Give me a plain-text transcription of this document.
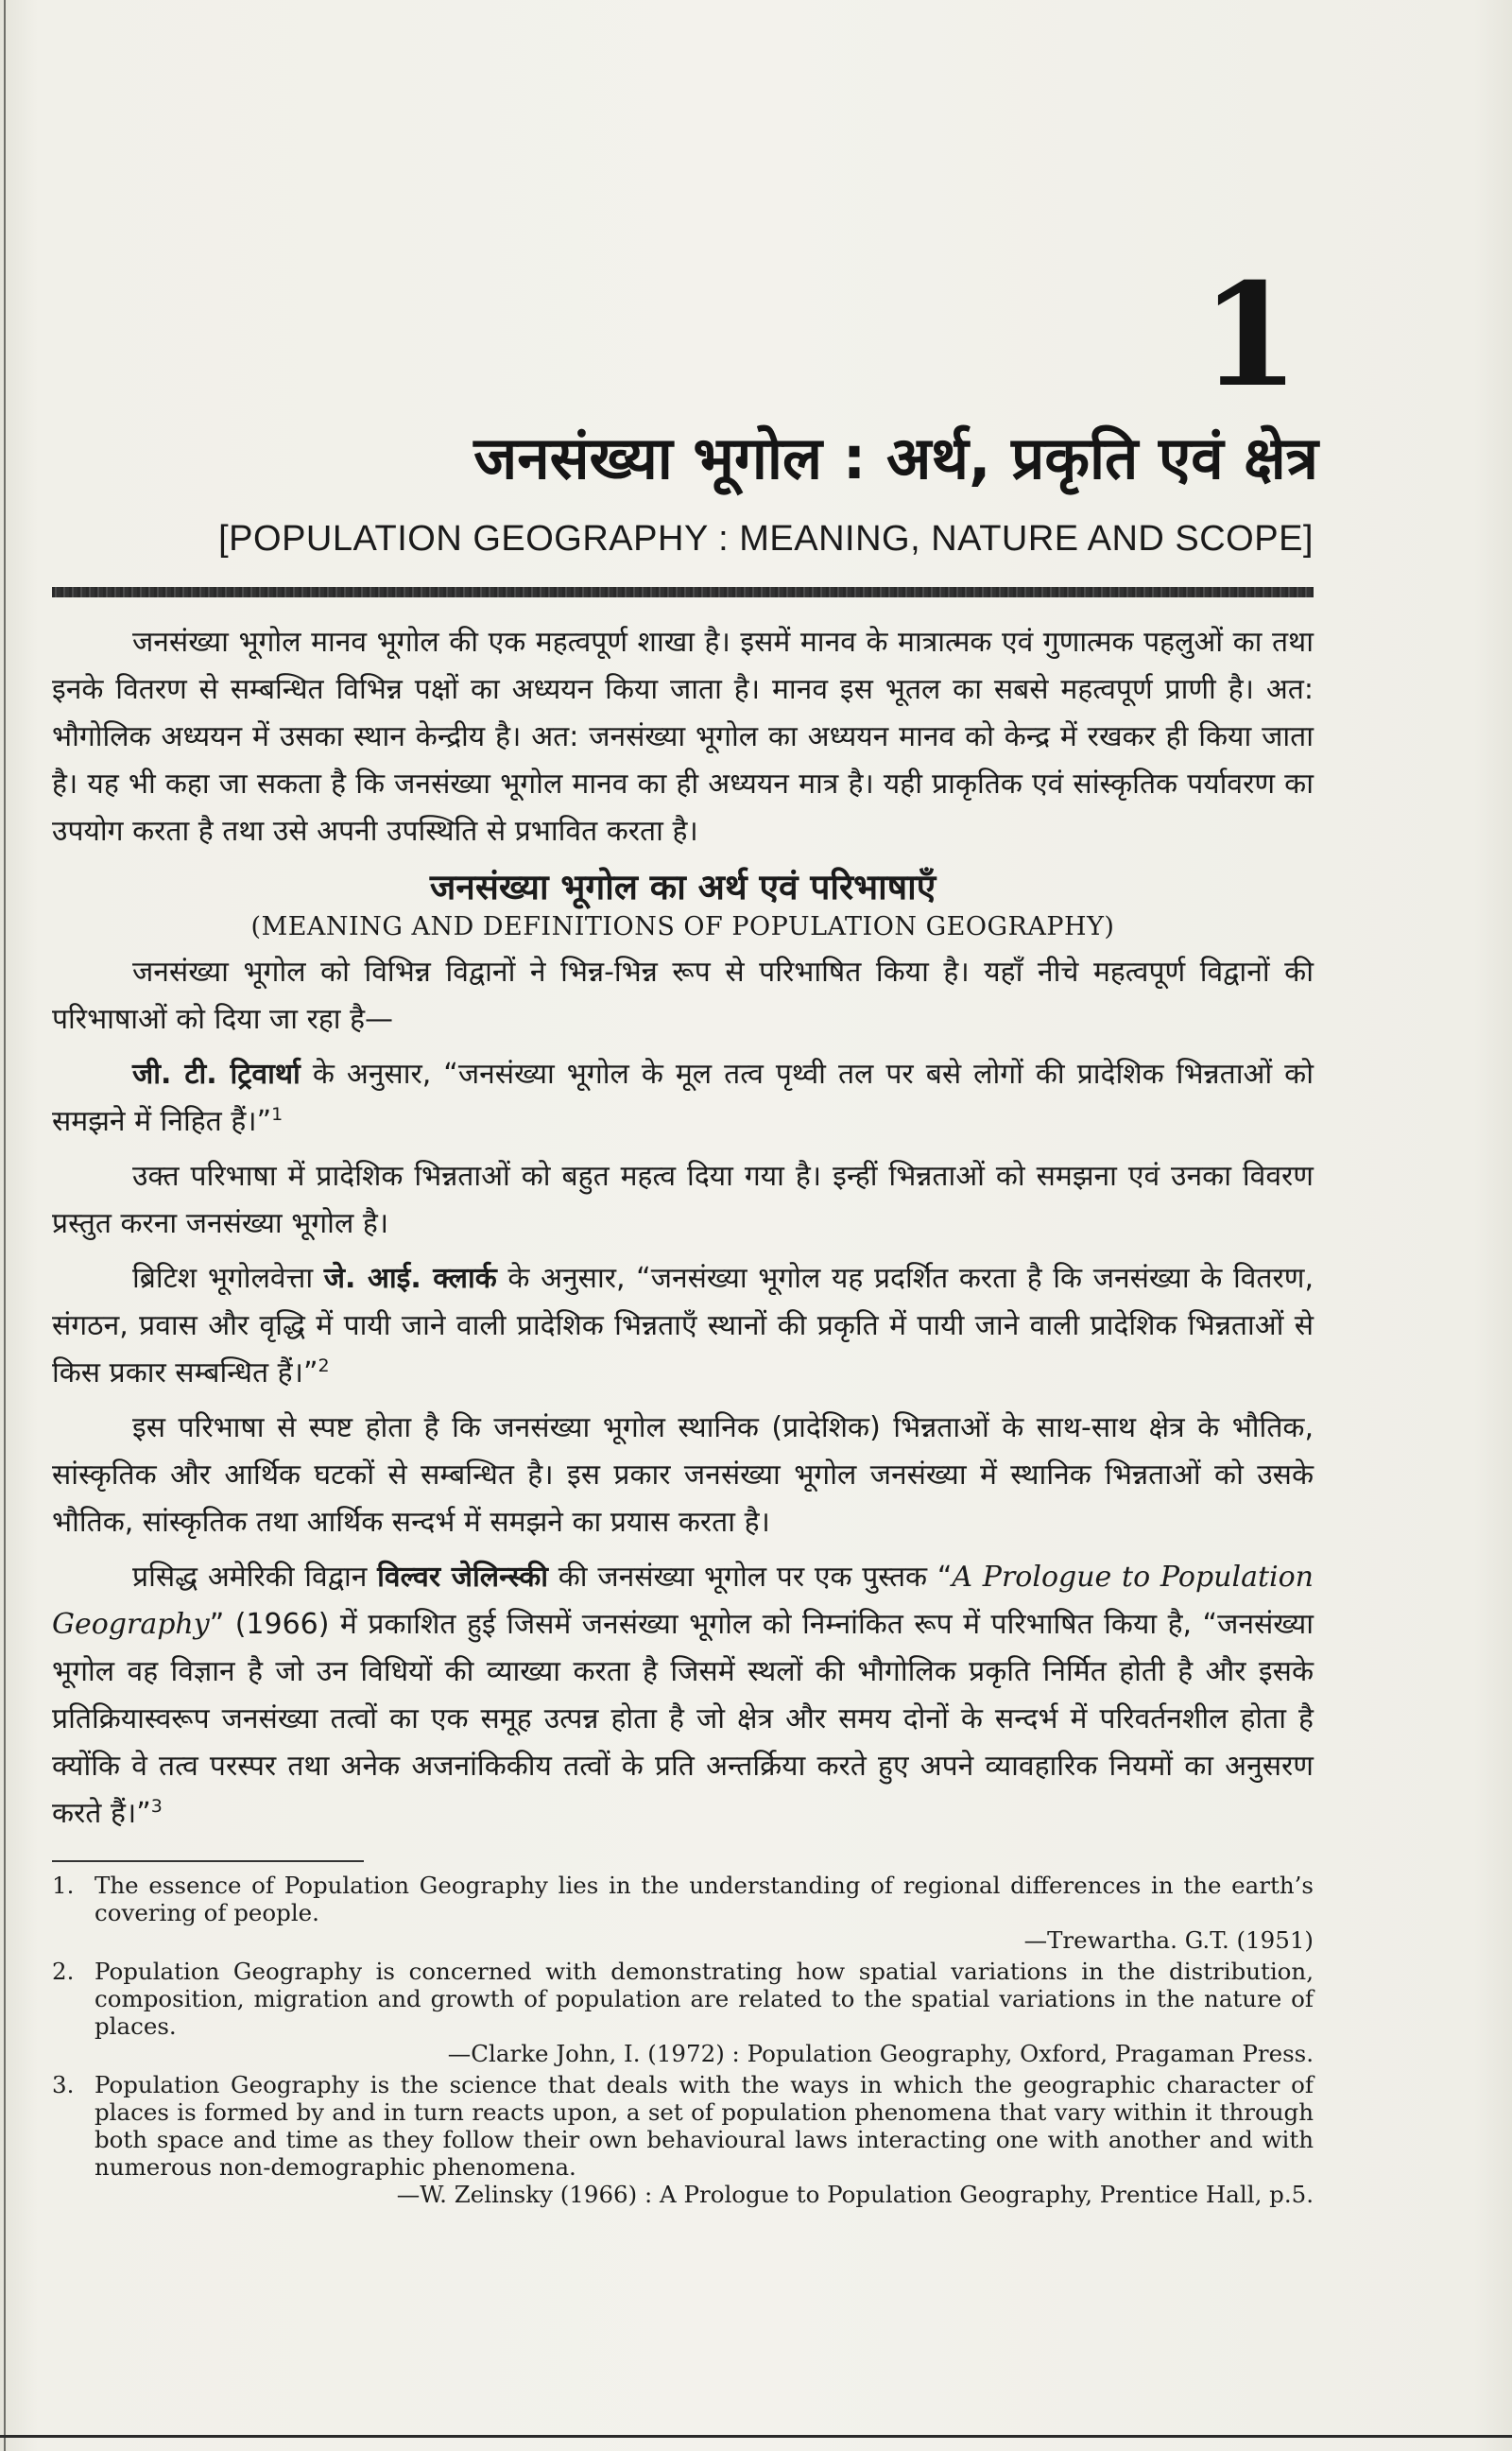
1
जनसंख्या भूगोल : अर्थ, प्रकृति एवं क्षेत्र
[POPULATION GEOGRAPHY : MEANING, NATURE AND SCOPE]

जनसंख्या भूगोल मानव भूगोल की एक महत्वपूर्ण शाखा है। इसमें मानव के मात्रात्मक एवं गुणात्मक पहलुओं का तथा इनके वितरण से सम्बन्धित विभिन्न पक्षों का अध्ययन किया जाता है। मानव इस भूतल का सबसे महत्वपूर्ण प्राणी है। अत: भौगोलिक अध्ययन में उसका स्थान केन्द्रीय है। अत: जनसंख्या भूगोल का अध्ययन मानव को केन्द्र में रखकर ही किया जाता है। यह भी कहा जा सकता है कि जनसंख्या भूगोल मानव का ही अध्ययन मात्र है। यही प्राकृतिक एवं सांस्कृतिक पर्यावरण का उपयोग करता है तथा उसे अपनी उपस्थिति से प्रभावित करता है।

जनसंख्या भूगोल का अर्थ एवं परिभाषाएँ
(MEANING AND DEFINITIONS OF POPULATION GEOGRAPHY)

जनसंख्या भूगोल को विभिन्न विद्वानों ने भिन्न-भिन्न रूप से परिभाषित किया है। यहाँ नीचे महत्वपूर्ण विद्वानों की परिभाषाओं को दिया जा रहा है—

जी. टी. ट्रिवार्था के अनुसार, “जनसंख्या भूगोल के मूल तत्व पृथ्वी तल पर बसे लोगों की प्रादेशिक भिन्नताओं को समझने में निहित हैं।”$^1$

उक्त परिभाषा में प्रादेशिक भिन्नताओं को बहुत महत्व दिया गया है। इन्हीं भिन्नताओं को समझना एवं उनका विवरण प्रस्तुत करना जनसंख्या भूगोल है।

ब्रिटिश भूगोलवेत्ता जे. आई. क्लार्क के अनुसार, “जनसंख्या भूगोल यह प्रदर्शित करता है कि जनसंख्या के वितरण, संगठन, प्रवास और वृद्धि में पायी जाने वाली प्रादेशिक भिन्नताएँ स्थानों की प्रकृति में पायी जाने वाली प्रादेशिक भिन्नताओं से किस प्रकार सम्बन्धित हैं।”$^2$

इस परिभाषा से स्पष्ट होता है कि जनसंख्या भूगोल स्थानिक (प्रादेशिक) भिन्नताओं के साथ-साथ क्षेत्र के भौतिक, सांस्कृतिक और आर्थिक घटकों से सम्बन्धित है। इस प्रकार जनसंख्या भूगोल जनसंख्या में स्थानिक भिन्नताओं को उसके भौतिक, सांस्कृतिक तथा आर्थिक सन्दर्भ में समझने का प्रयास करता है।

प्रसिद्ध अमेरिकी विद्वान विल्वर जेलिन्स्की की जनसंख्या भूगोल पर एक पुस्तक “A Prologue to Population Geography” (1966) में प्रकाशित हुई जिसमें जनसंख्या भूगोल को निम्नांकित रूप में परिभाषित किया है, “जनसंख्या भूगोल वह विज्ञान है जो उन विधियों की व्याख्या करता है जिसमें स्थलों की भौगोलिक प्रकृति निर्मित होती है और इसके प्रतिक्रियास्वरूप जनसंख्या तत्वों का एक समूह उत्पन्न होता है जो क्षेत्र और समय दोनों के सन्दर्भ में परिवर्तनशील होता है क्योंकि वे तत्व परस्पर तथा अनेक अजनांकिकीय तत्वों के प्रति अन्तर्क्रिया करते हुए अपने व्यावहारिक नियमों का अनुसरण करते हैं।”$^3$

1. The essence of Population Geography lies in the understanding of regional differences in the earth’s covering of people.
—Trewartha. G.T. (1951)
2. Population Geography is concerned with demonstrating how spatial variations in the distribution, composition, migration and growth of population are related to the spatial variations in the nature of places.
—Clarke John, I. (1972) : Population Geography, Oxford, Pragaman Press.
3. Population Geography is the science that deals with the ways in which the geographic character of places is formed by and in turn reacts upon, a set of population phenomena that vary within it through both space and time as they follow their own behavioural laws interacting one with another and with numerous non-demographic phenomena.
—W. Zelinsky (1966) : A Prologue to Population Geography, Prentice Hall, p.5.
